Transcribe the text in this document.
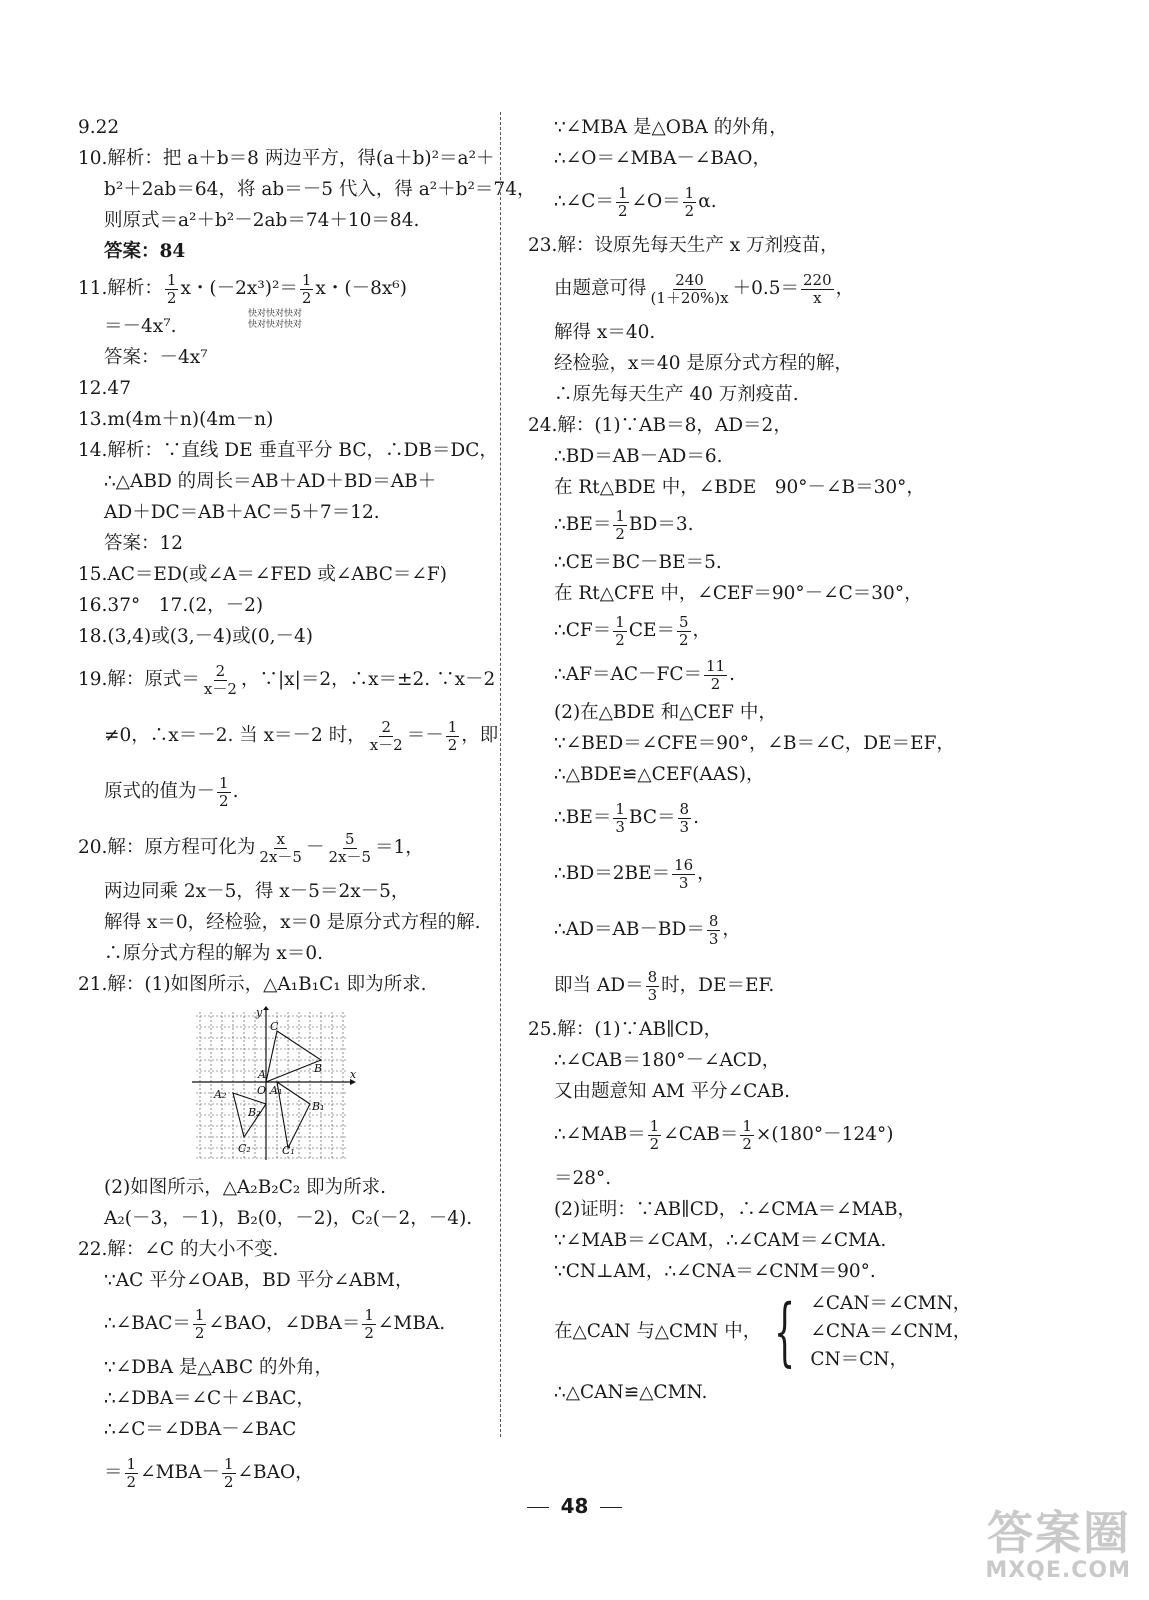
9.22
10.解析：把 a＋b＝8 两边平方，得(a＋b)²＝a²＋
b²＋2ab＝64，将 ab＝－5 代入，得 a²＋b²＝74，
则原式＝a²＋b²－2ab＝74＋10＝84.
答案：84
11.解析： $\frac{1}{2}$ x・$(-2x^3)^2= \frac{1}{2}$ x・(－8x⁶)
＝－4x⁷.
快对快对快对
快对快对快对
答案：－4x⁷
12.47
13.m(4m＋n)(4m－n)
14.解析：∵直线 DE 垂直平分 BC，∴DB＝DC，
∴△ABD 的周长＝AB＋AD＋BD＝AB＋
AD＋DC＝AB＋AC＝5＋7＝12.
答案：12
15.AC＝ED(或∠A＝∠FED 或∠ABC＝∠F)
16.37°　17.(2，－2)
18.(3,4)或(3,－4)或(0,－4)
19.解：原式＝ $\frac{2}{x-2}$ ，∵|x|＝2，∴x＝±2. ∵x－2
≠0，∴x＝－2. 当 x＝－2 时， $\frac{2}{x-2} =- \frac{1}{2}$ ，即
原式的值为－ $\frac{1}{2}$ .
20.解：原方程可化为 $\frac{x}{2x-5} - \frac{5}{2x-5} =1$，
两边同乘 2x－5，得 x－5＝2x－5，
解得 x＝0，经检验，x＝0 是原分式方程的解.
∴原分式方程的解为 x＝0.
21.解：(1)如图所示，△A₁B₁C₁ 即为所求.
x
y
O
C
B
A
A₁
A₂
B₂	B₁
C₂	C₁
(2)如图所示，△A₂B₂C₂ 即为所求.
A₂(－3，－1)，B₂(0，－2)，C₂(－2，－4).
22.解：∠C 的大小不变.
∵AC 平分∠OAB，BD 平分∠ABM，
∴∠BAC＝ $\frac{1}{2}$ ∠BAO，∠DBA＝ $\frac{1}{2}$ ∠MBA.
∵∠DBA 是△ABC 的外角，
∴∠DBA＝∠C＋∠BAC，
∴∠C＝∠DBA－∠BAC
＝ $\frac{1}{2}$ ∠MBA－ $\frac{1}{2}$ ∠BAO，
∵∠MBA 是△OBA 的外角，
∴∠O＝∠MBA－∠BAO，
∴∠C＝ $\frac{1}{2}$ ∠O＝ $\frac{1}{2} \alpha$.
23.解：设原先每天生产 x 万剂疫苗，
由题意可得 $\frac{240}{(1+20\%)x} +0.5= \frac{220}{x}$ ，
解得 x＝40.
经检验，x＝40 是原分式方程的解，
∴原先每天生产 40 万剂疫苗.
24.解：(1)∵AB＝8，AD＝2，
∴BD＝AB－AD＝6.
在 Rt△BDE 中，∠BDE　90°－∠B＝30°，
∴BE＝ $\frac{1}{2} BD=3$.
∴CE＝BC－BE＝5.
在 Rt△CFE 中，∠CEF＝90°－∠C＝30°，
∴CF＝ $\frac{1}{2} CE= \frac{5}{2}$ ，
∴AF＝AC－FC＝ $\frac{11}{2}$ .
(2)在△BDE 和△CEF 中，
∵∠BED＝∠CFE＝90°，∠B＝∠C，DE＝EF，
∴△BDE≌△CEF(AAS)，
∴BE＝ $\frac{1}{3} BC= \frac{8}{3}$ .
∴BD＝2BE＝ $\frac{16}{3}$ ，
∴AD＝AB－BD＝ $\frac{8}{3}$ ，
即当 $AD= \frac{8}{3}$ 时，DE＝EF.
25.解：(1)∵AB∥CD，
∴∠CAB＝180°－∠ACD，
又由题意知 AM 平分∠CAB.
∴∠MAB＝ $\frac{1}{2}$ ∠CAB＝ $\frac{1}{2} \times(180^\circ-124^\circ)$
＝28°.
(2)证明：∵AB∥CD，∴∠CMA＝∠MAB，
∵∠MAB＝∠CAM，∴∠CAM＝∠CMA.
∵CN⊥AM，∴∠CNA＝∠CNM＝90°.
在△CAN 与△CMN 中， { ∠CAN＝∠CMN，
∠CNA＝∠CNM，
CN＝CN，
∴△CAN≌△CMN.
48	答案圈
MXQE.COM
